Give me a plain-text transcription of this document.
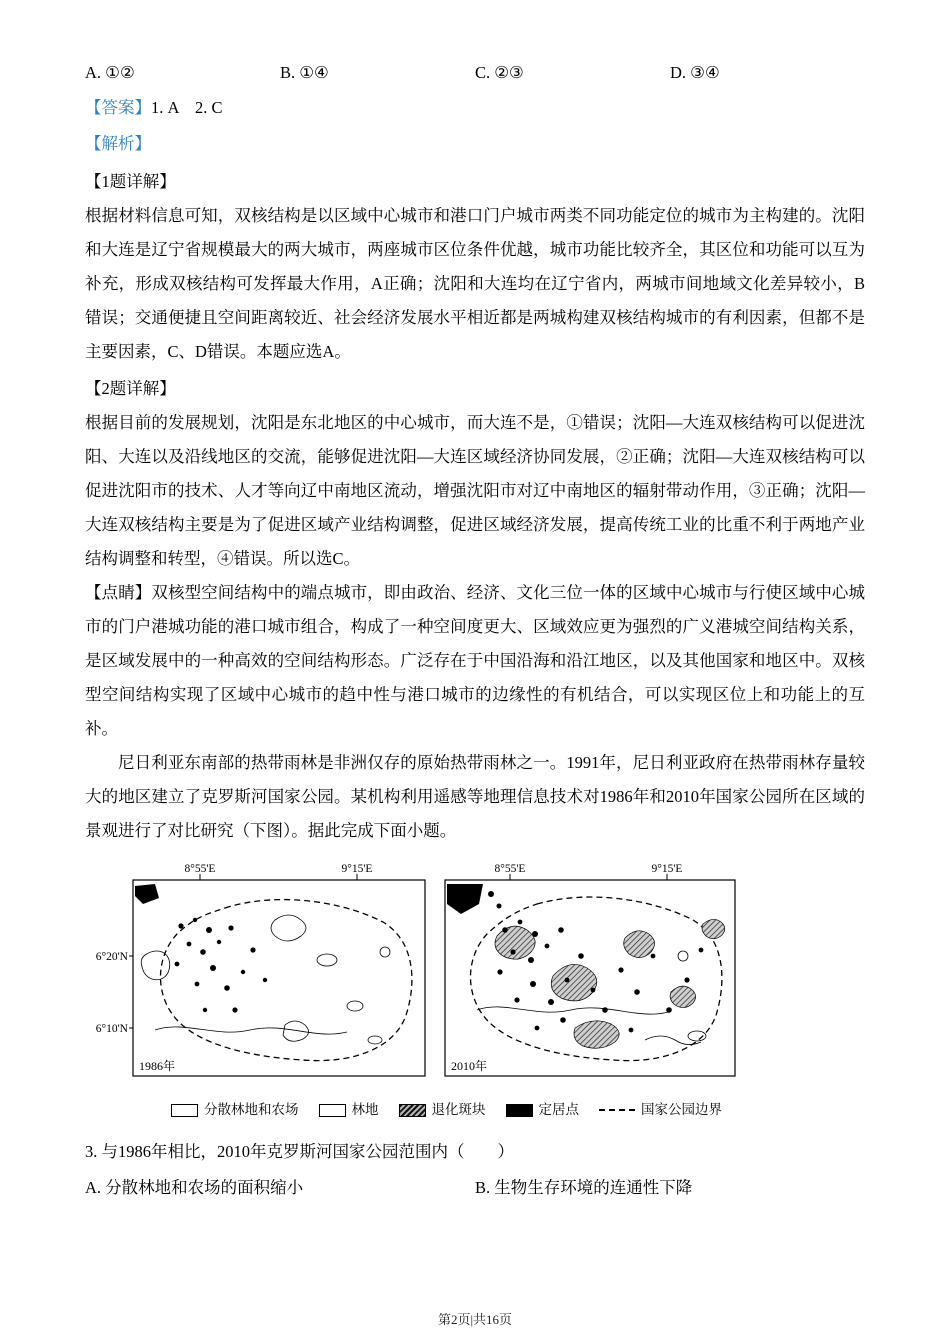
A. ①②	B. ①④	C. ②③	D. ③④
【答案】1. A　2. C
【解析】
【1题详解】

根据材料信息可知，双核结构是以区域中心城市和港口门户城市两类不同功能定位的城市为主构建的。沈阳和大连是辽宁省规模最大的两大城市，两座城市区位条件优越，城市功能比较齐全，其区位和功能可以互为补充，形成双核结构可发挥最大作用，A正确；沈阳和大连均在辽宁省内，两城市间地域文化差异较小，B错误；交通便捷且空间距离较近、社会经济发展水平相近都是两城构建双核结构城市的有利因素，但都不是主要因素，C、D错误。本题应选A。

【2题详解】

根据目前的发展规划，沈阳是东北地区的中心城市，而大连不是，①错误；沈阳—大连双核结构可以促进沈阳、大连以及沿线地区的交流，能够促进沈阳—大连区域经济协同发展，②正确；沈阳—大连双核结构可以促进沈阳市的技术、人才等向辽中南地区流动，增强沈阳市对辽中南地区的辐射带动作用，③正确；沈阳—大连双核结构主要是为了促进区域产业结构调整，促进区域经济发展，提高传统工业的比重不利于两地产业结构调整和转型，④错误。所以选C。

【点睛】双核型空间结构中的端点城市，即由政治、经济、文化三位一体的区域中心城市与行使区域中心城市的门户港城功能的港口城市组合，构成了一种空间度更大、区域效应更为强烈的广义港城空间结构关系，是区域发展中的一种高效的空间结构形态。广泛存在于中国沿海和沿江地区，以及其他国家和地区中。双核型空间结构实现了区域中心城市的趋中性与港口城市的边缘性的有机结合，可以实现区位上和功能上的互补。

尼日利亚东南部的热带雨林是非洲仅存的原始热带雨林之一。1991年，尼日利亚政府在热带雨林存量较大的地区建立了克罗斯河国家公园。某机构利用遥感等地理信息技术对1986年和2010年国家公园所在区域的景观进行了对比研究（下图）。据此完成下面小题。

8°55'E	9°15'E
6°20'N
6°10'N
1986年
8°55'E	9°15'E
2010年
分散林地和农场	林地	退化斑块	定居点	国家公园边界
3. 与1986年相比，2010年克罗斯河国家公园范围内（　　）
A. 分散林地和农场的面积缩小	B. 生物生存环境的连通性下降
第2页|共16页
